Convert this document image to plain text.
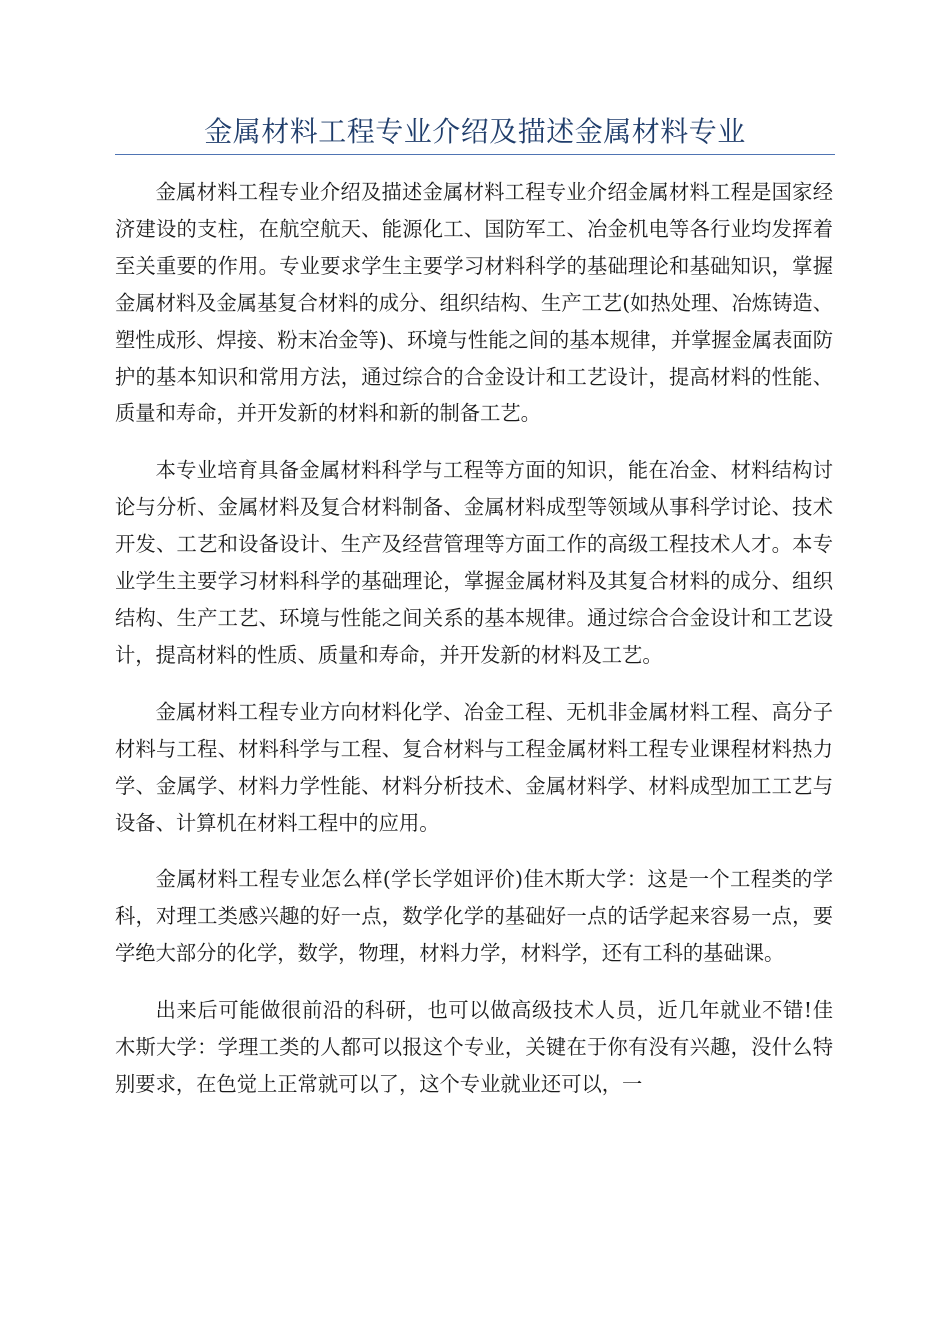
金属材料工程专业介绍及描述金属材料专业

金属材料工程专业介绍及描述金属材料工程专业介绍金属材料工程是国家经济建设的支柱，在航空航天、能源化工、国防军工、冶金机电等各行业均发挥着至关重要的作用。专业要求学生主要学习材料科学的基础理论和基础知识，掌握金属材料及金属基复合材料的成分、组织结构、生产工艺(如热处理、冶炼铸造、塑性成形、焊接、粉末冶金等)、环境与性能之间的基本规律，并掌握金属表面防护的基本知识和常用方法，通过综合的合金设计和工艺设计，提高材料的性能、质量和寿命，并开发新的材料和新的制备工艺。

本专业培育具备金属材料科学与工程等方面的知识，能在冶金、材料结构讨论与分析、金属材料及复合材料制备、金属材料成型等领域从事科学讨论、技术开发、工艺和设备设计、生产及经营管理等方面工作的高级工程技术人才。本专业学生主要学习材料科学的基础理论，掌握金属材料及其复合材料的成分、组织结构、生产工艺、环境与性能之间关系的基本规律。通过综合合金设计和工艺设计，提高材料的性质、质量和寿命，并开发新的材料及工艺。

金属材料工程专业方向材料化学、冶金工程、无机非金属材料工程、高分子材料与工程、材料科学与工程、复合材料与工程金属材料工程专业课程材料热力学、金属学、材料力学性能、材料分析技术、金属材料学、材料成型加工工艺与设备、计算机在材料工程中的应用。

金属材料工程专业怎么样(学长学姐评价)佳木斯大学：这是一个工程类的学科，对理工类感兴趣的好一点，数学化学的基础好一点的话学起来容易一点，要学绝大部分的化学，数学，物理，材料力学，材料学，还有工科的基础课。

出来后可能做很前沿的科研，也可以做高级技术人员，近几年就业不错!佳木斯大学：学理工类的人都可以报这个专业，关键在于你有没有兴趣，没什么特别要求，在色觉上正常就可以了，这个专业就业还可以，一
